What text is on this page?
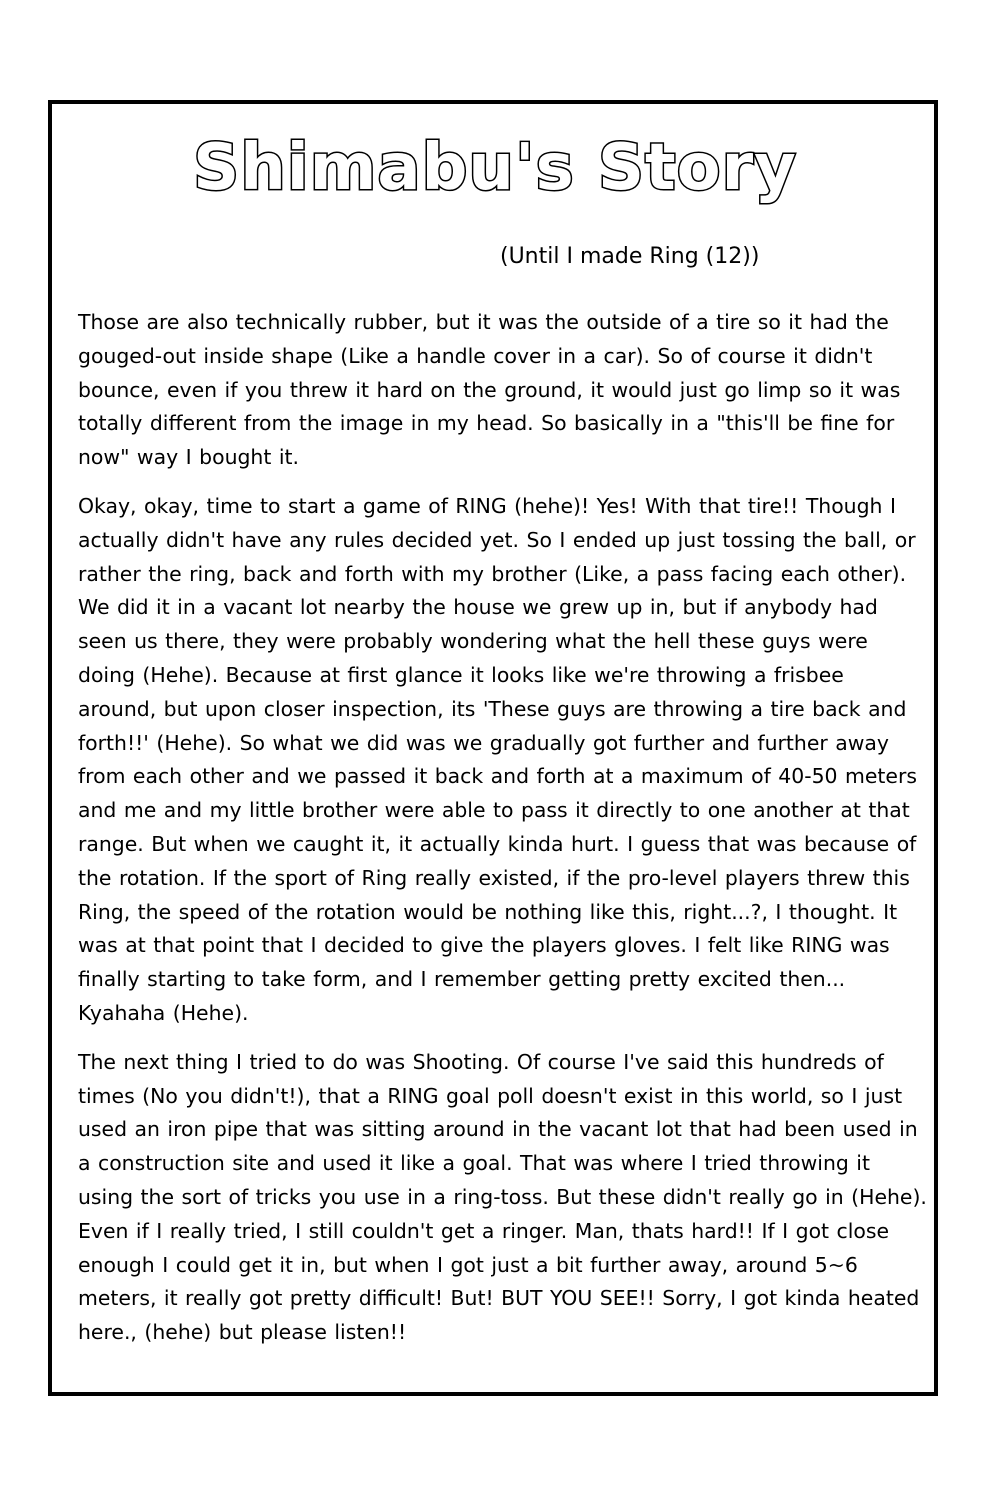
Shimabu's Story
(Until I made Ring (12))

Those are also technically rubber, but it was the outside of a tire so it had the gouged-out inside shape (Like a handle cover in a car). So of course it didn't bounce, even if you threw it hard on the ground, it would just go limp so it was totally different from the image in my head. So basically in a "this'll be fine for now" way I bought it.

Okay, okay, time to start a game of RING (hehe)! Yes! With that tire!! Though I actually didn't have any rules decided yet. So I ended up just tossing the ball, or rather the ring, back and forth with my brother (Like, a pass facing each other). We did it in a vacant lot nearby the house we grew up in, but if anybody had seen us there, they were probably wondering what the hell these guys were doing (Hehe). Because at first glance it looks like we're throwing a frisbee around, but upon closer inspection, its 'These guys are throwing a tire back and forth!!' (Hehe). So what we did was we gradually got further and further away from each other and we passed it back and forth at a maximum of 40-50 meters and me and my little brother were able to pass it directly to one another at that range. But when we caught it, it actually kinda hurt. I guess that was because of the rotation. If the sport of Ring really existed, if the pro-level players threw this Ring, the speed of the rotation would be nothing like this, right...?, I thought. It was at that point that I decided to give the players gloves. I felt like RING was finally starting to take form, and I remember getting pretty excited then... Kyahaha (Hehe).

The next thing I tried to do was Shooting. Of course I've said this hundreds of times (No you didn't!), that a RING goal poll doesn't exist in this world, so I just used an iron pipe that was sitting around in the vacant lot that had been used in a construction site and used it like a goal. That was where I tried throwing it using the sort of tricks you use in a ring-toss. But these didn't really go in (Hehe). Even if I really tried, I still couldn't get a ringer. Man, thats hard!! If I got close enough I could get it in, but when I got just a bit further away, around 5~6 meters, it really got pretty difficult! But! BUT YOU SEE!! Sorry, I got kinda heated here., (hehe) but please listen!!
